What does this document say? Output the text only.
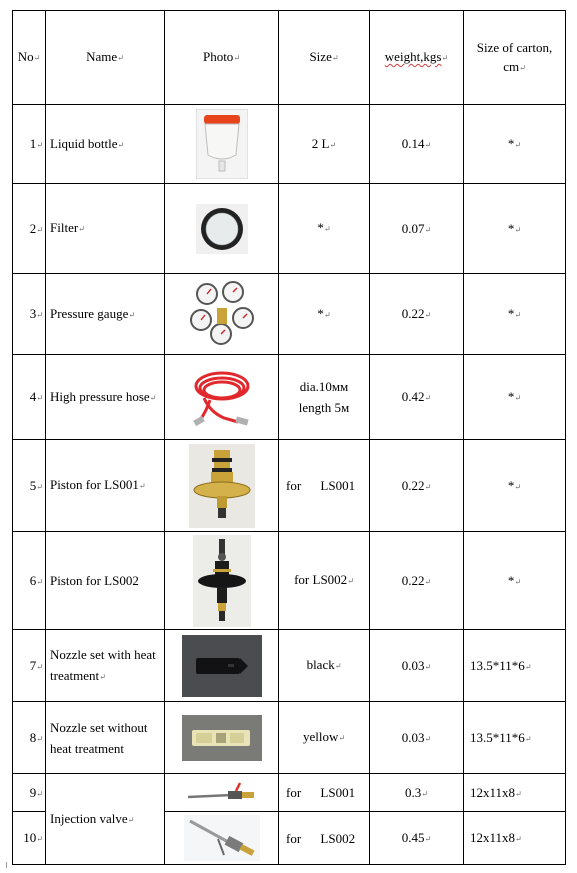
No↵	Name↵	Photo↵	Size↵	weight,kgs↵	Size of carton, cm↵
1↵	Liquid bottle↵		2 L↵	0.14↵	*↵
2↵	Filter↵		*↵	0.07↵	*↵
3↵	Pressure gauge↵		*↵	0.22↵	*↵
4↵	High pressure hose↵		dia.10мм length 5м	0.42↵	*↵
5↵	Piston for LS001↵		for LS001	0.22↵	*↵
6↵	Piston for LS002		for LS002↵	0.22↵	*↵
7↵	Nozzle set with heat treatment↵		black↵	0.03↵	13.5*11*6↵
8↵	Nozzle set without heat treatment		yellow↵	0.03↵	13.5*11*6↵
9↵	Injection valve↵		for LS001	0.3↵	12x11x8↵
10↵			for LS002	0.45↵	12x11x8↵
